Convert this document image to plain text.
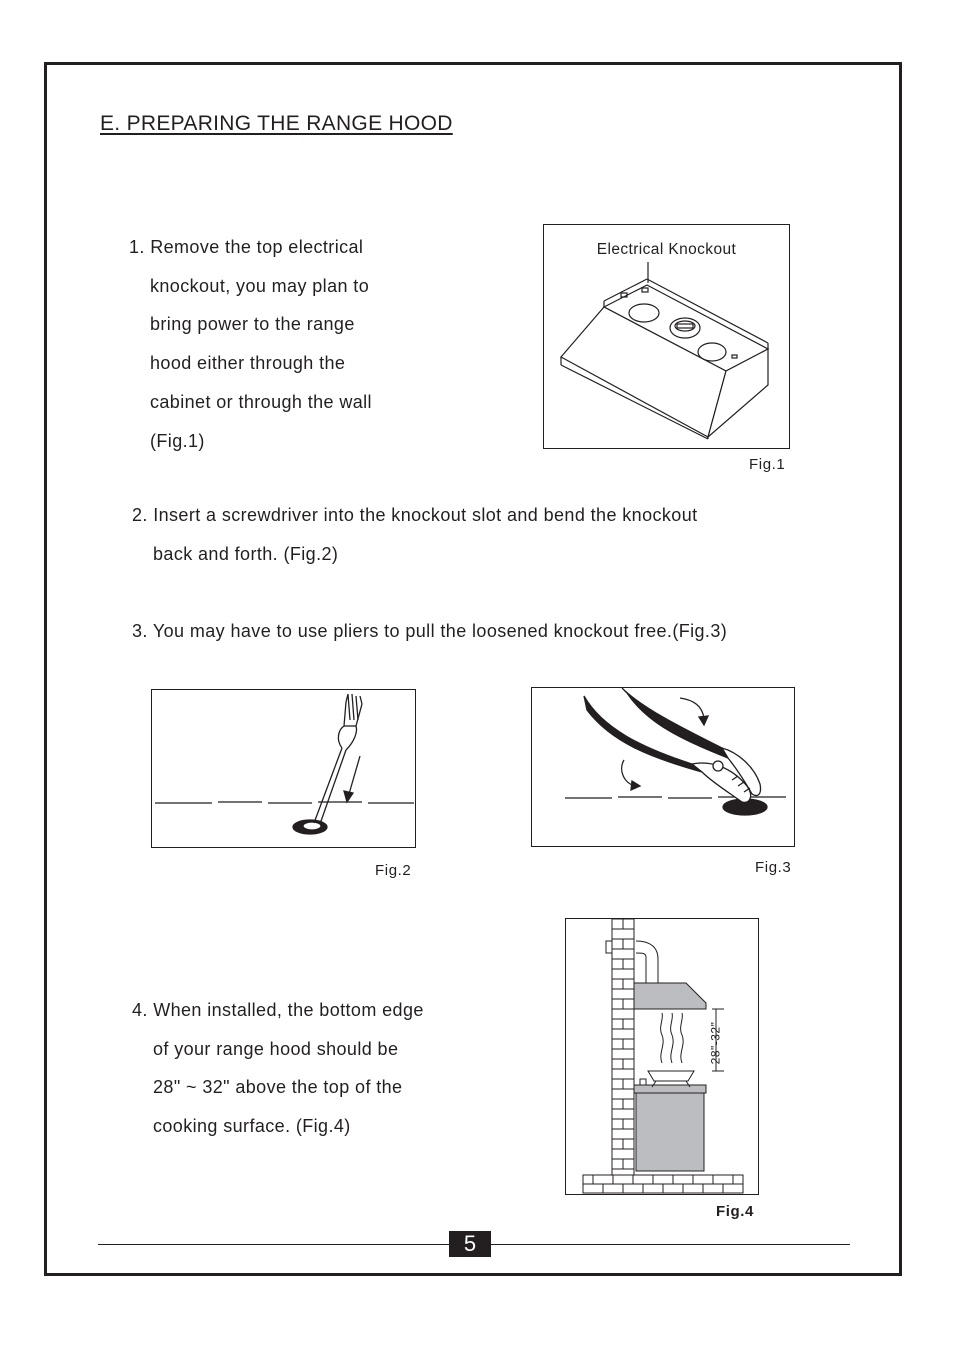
E. PREPARING THE RANGE HOOD
1. Remove the top electrical
knockout, you may plan to
bring power to the range
hood either through the
cabinet or through the wall
(Fig.1)
2. Insert a screwdriver into the knockout slot and bend the knockout
back and forth. (Fig.2)
3. You may have to use pliers to pull the loosened knockout free.(Fig.3)
4. When installed, the bottom edge
of your range hood should be
28" ~ 32" above the top of the
cooking surface. (Fig.4)
Electrical Knockout
Fig.1
Fig.2	Fig.3
28"-32"
Fig.4
5
